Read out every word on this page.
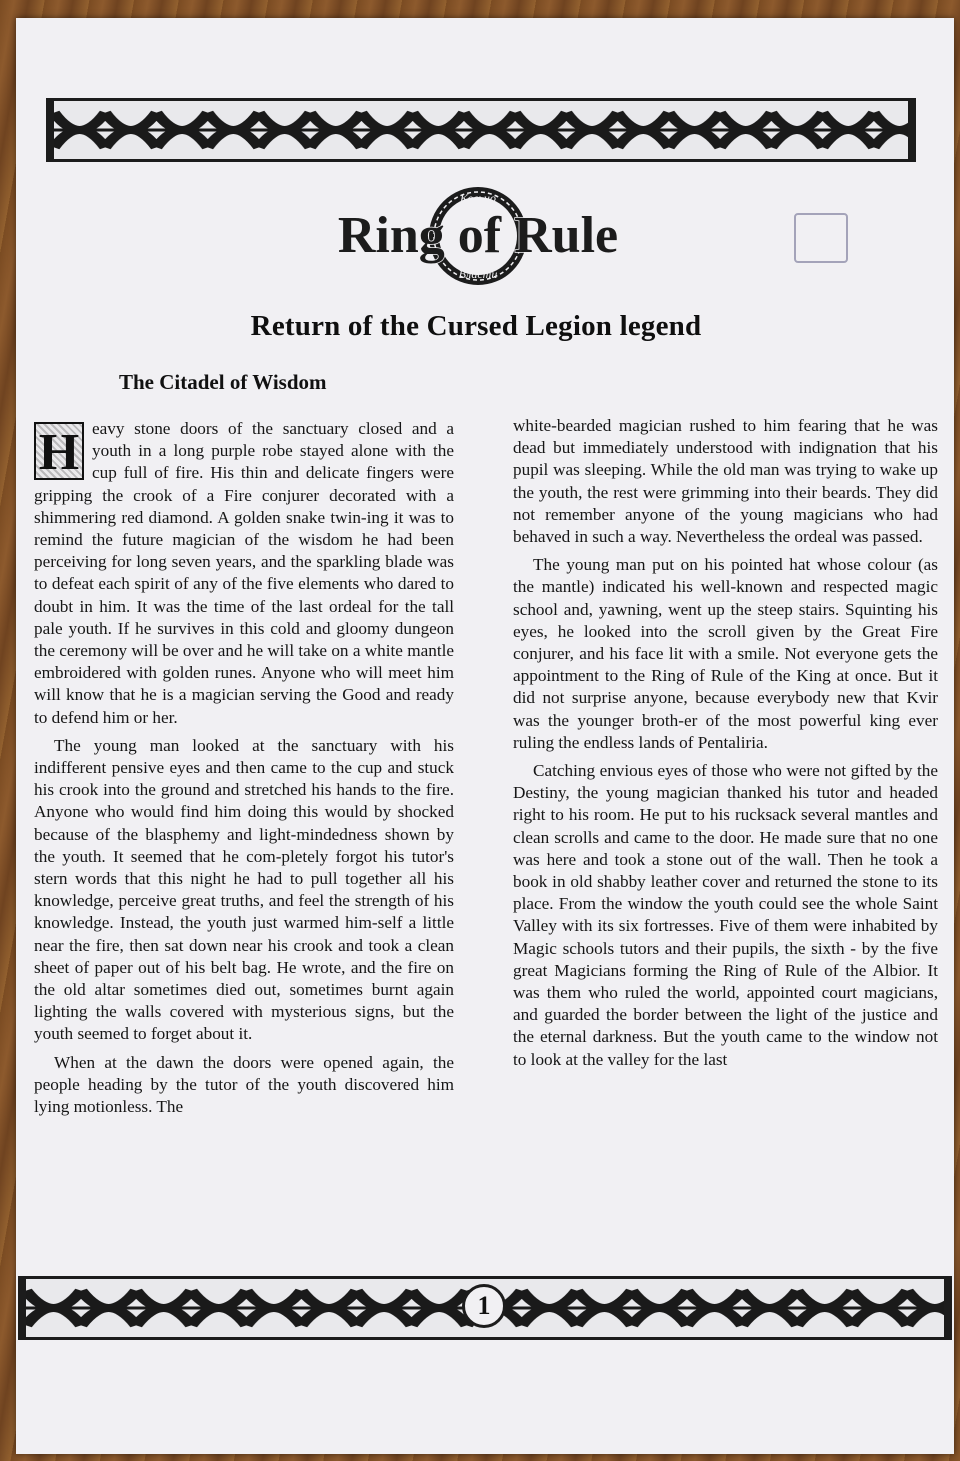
Кольцо
Власти
Ring of Rule
Return of the Cursed Legion legend
The Citadel of Wisdom

H eavy stone doors of the sanctuary closed and a youth in a long purple robe stayed alone with the cup full of fire. His thin and delicate fingers were gripping the crook of a Fire conjurer decorated with a shimmering red diamond. A golden snake twin-ing it was to remind the future magician of the wisdom he had been perceiving for long seven years, and the sparkling blade was to defeat each spirit of any of the five elements who dared to doubt in him. It was the time of the last ordeal for the tall pale youth. If he survives in this cold and gloomy dungeon the ceremony will be over and he will take on a white mantle embroidered with golden runes. Anyone who will meet him will know that he is a magician serving the Good and ready to defend him or her.

The young man looked at the sanctuary with his indifferent pensive eyes and then came to the cup and stuck his crook into the ground and stretched his hands to the fire. Anyone who would find him doing this would by shocked because of the blasphemy and light-mindedness shown by the youth. It seemed that he com-pletely forgot his tutor's stern words that this night he had to pull together all his knowledge, perceive great truths, and feel the strength of his knowledge. Instead, the youth just warmed him-self a little near the fire, then sat down near his crook and took a clean sheet of paper out of his belt bag. He wrote, and the fire on the old altar sometimes died out, sometimes burnt again lighting the walls covered with mysterious signs, but the youth seemed to forget about it.

When at the dawn the doors were opened again, the people heading by the tutor of the youth discovered him lying motionless. The

white-bearded magician rushed to him fearing that he was dead but immediately understood with indignation that his pupil was sleeping. While the old man was trying to wake up the youth, the rest were grimming into their beards. They did not remember anyone of the young magicians who had behaved in such a way. Nevertheless the ordeal was passed.

The young man put on his pointed hat whose colour (as the mantle) indicated his well-known and respected magic school and, yawning, went up the steep stairs. Squinting his eyes, he looked into the scroll given by the Great Fire conjurer, and his face lit with a smile. Not everyone gets the appointment to the Ring of Rule of the King at once. But it did not surprise anyone, because everybody new that Kvir was the younger broth-er of the most powerful king ever ruling the endless lands of Pentaliria.

Catching envious eyes of those who were not gifted by the Destiny, the young magician thanked his tutor and headed right to his room. He put to his rucksack several mantles and clean scrolls and came to the door. He made sure that no one was here and took a stone out of the wall. Then he took a book in old shabby leather cover and returned the stone to its place. From the window the youth could see the whole Saint Valley with its six fortresses. Five of them were inhabited by Magic schools tutors and their pupils, the sixth - by the five great Magicians forming the Ring of Rule of the Albior. It was them who ruled the world, appointed court magicians, and guarded the border between the light of the justice and the eternal darkness. But the youth came to the window not to look at the valley for the last

1
